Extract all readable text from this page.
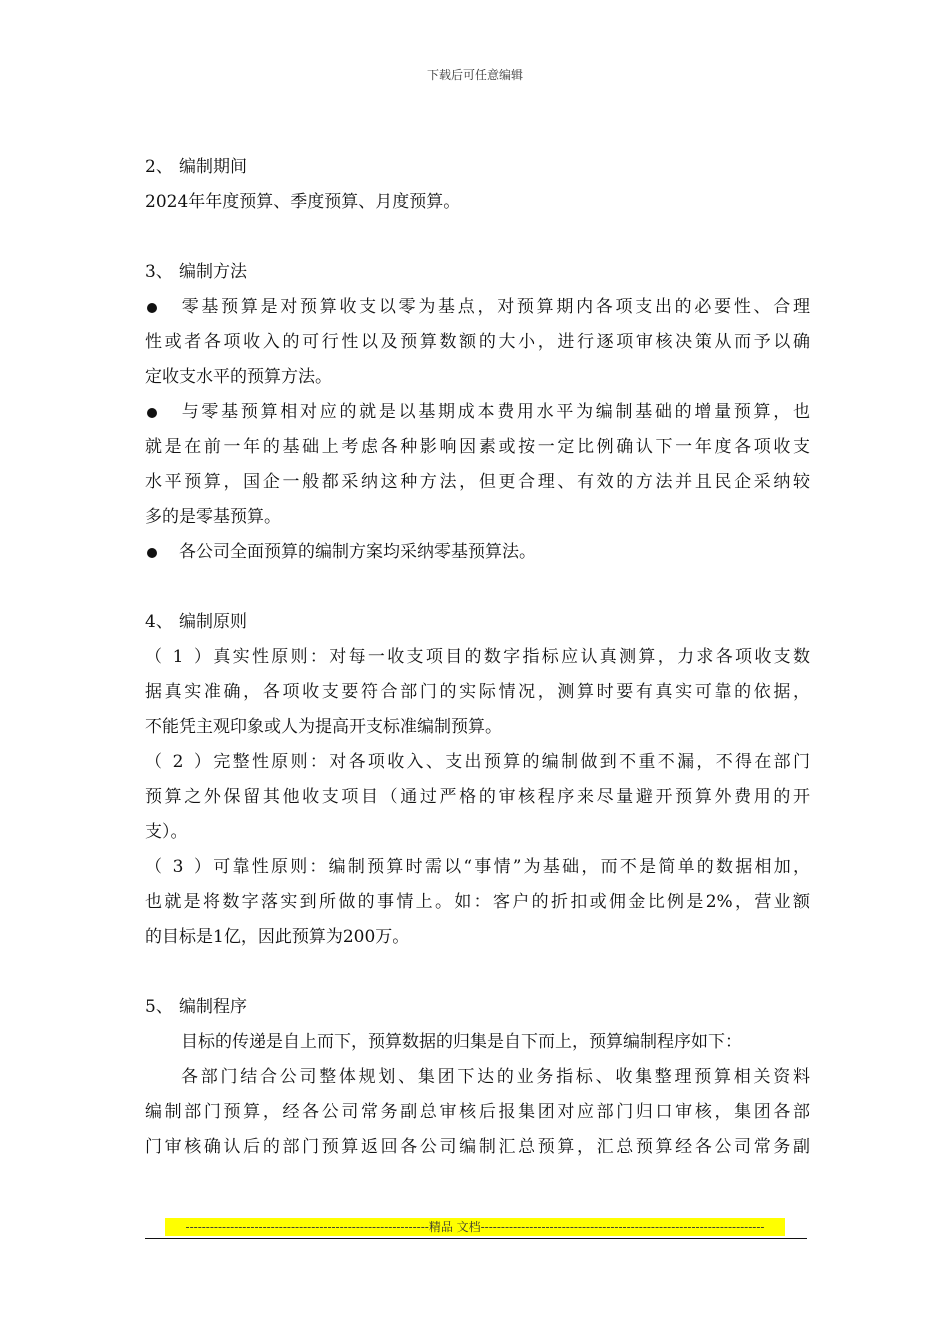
下载后可任意编辑
2、 编制期间
2024年年度预算、季度预算、月度预算。
3、 编制方法
零基预算是对预算收支以零为基点，对预算期内各项支出的必要性、合理
性或者各项收入的可行性以及预算数额的大小，进行逐项审核决策从而予以确
定收支水平的预算方法。
与零基预算相对应的就是以基期成本费用水平为编制基础的增量预算，也
就是在前一年的基础上考虑各种影响因素或按一定比例确认下一年度各项收支
水平预算，国企一般都采纳这种方法，但更合理、有效的方法并且民企采纳较
多的是零基预算。
各公司全面预算的编制方案均采纳零基预算法。
4、 编制原则
（1）真实性原则：对每一收支项目的数字指标应认真测算，力求各项收支数
据真实准确，各项收支要符合部门的实际情况，测算时要有真实可靠的依据，
不能凭主观印象或人为提高开支标准编制预算。
（2）完整性原则：对各项收入、支出预算的编制做到不重不漏，不得在部门
预算之外保留其他收支项目（通过严格的审核程序来尽量避开预算外费用的开
支）。
（3）可靠性原则：编制预算时需以“事情”为基础，而不是简单的数据相加，
也就是将数字落实到所做的事情上。如：客户的折扣或佣金比例是2%，营业额
的目标是1亿，因此预算为200万。
5、 编制程序
目标的传递是自上而下，预算数据的归集是自下而上，预算编制程序如下：
各部门结合公司整体规划、集团下达的业务指标、收集整理预算相关资料
编制部门预算，经各公司常务副总审核后报集团对应部门归口审核，集团各部
门审核确认后的部门预算返回各公司编制汇总预算，汇总预算经各公司常务副
------------------------------------------------------------精品 文档----------------------------------------------------------------------
